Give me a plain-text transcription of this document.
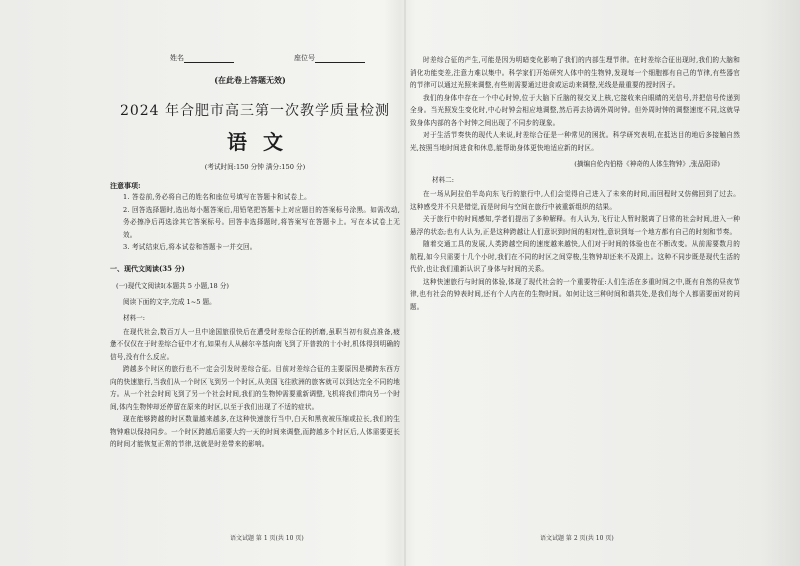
姓名	座位号
(在此卷上答题无效)
2024 年合肥市高三第一次教学质量检测
语文
(考试时间:150 分钟 满分:150 分)
注意事项:
1. 答卷前,务必将自己的姓名和座位号填写在答题卡和试卷上。
2. 回答选择题时,选出每小题答案后,用铅笔把答题卡上对应题目的答案标号涂黑。如需改动,务必擦净后再选涂其它答案标号。回答非选择题时,将答案写在答题卡上。写在本试卷上无效。
3. 考试结束后,将本试卷和答题卡一并交回。
一、现代文阅读(35 分)
(一)现代文阅读Ⅰ(本题共 5 小题,18 分)
阅读下面的文字,完成 1~5 题。
材料一:

在现代社会,数百万人一旦中途国旅很快后在遭受时差综合征的折磨,虽职当初有叙点准备,疲惫不仅仅在于时差综合征中才有,如果有人从赫尔辛基向南飞到了开普敦的十小时,机体得到明确的信号,没有什么反应。

跨越多个时区的旅行也不一定会引发时差综合征。目前对差综合征的主要原因是横跨东西方向的快速旅行,当我们从一个时区飞到另一个时区,从美国飞往欧洲的旅客就可以到达完全不同的地方。从一个社会时间飞到了另一个社会时间,我们的生物钟需要重新调整,飞机将我们带向另一个时间,体内生物钟却还停留在原来的时区,以至于我们出现了不适的症状。

现在能够跨越的时区数量越来越多,在这种快速旅行当中,白天和黑夜被压缩或拉长,我们的生物钟难以保持同步。一个时区跨越后需要大约一天的时间来调整,而跨越多个时区后,人体需要更长的时间才能恢复正常的节律,这就是时差带来的影响。

语文试题 第 1 页(共 10 页)

时差综合征的产生,可能是因为明暗变化影响了我们的内部生理节律。在时差综合征出现时,我们的大脑和消化功能变差,注意力难以集中。科学家们开始研究人体中的生物钟,发现每一个细胞都有自己的节律,有些器官的节律可以通过光照来调整,有些则需要通过进食或运动来调整,光线是最重要的授时因子。

我们的身体中存在一个中心时钟,位于大脑下丘脑的视交叉上核,它接收来自眼睛的光信号,并把信号传递到全身。当光照发生变化时,中心时钟会相应地调整,然后再去协调外周时钟。但外周时钟的调整速度不同,这就导致身体内部的各个时钟之间出现了不同步的现象。

对于生活节奏快的现代人来说,时差综合征是一种常见的困扰。科学研究表明,在抵达目的地后多接触自然光,按照当地时间进食和休息,能帮助身体更快地适应新的时区。

(摘编自伦内伯格《神奇的人体生物钟》,张品阳译)
材料二:

在一场从阿拉伯半岛向东飞行的旅行中,人们会觉得自己进入了未来的时间,而回程时又仿佛回到了过去。这种感受并不只是错觉,而是时间与空间在旅行中被重新组织的结果。

关于旅行中的时间感知,学者们提出了多种解释。有人认为,飞行让人暂时脱离了日常的社会时间,进入一种悬浮的状态;也有人认为,正是这种跨越让人们意识到时间的相对性,意识到每一个地方都有自己的时刻和节奏。

随着交通工具的发展,人类跨越空间的速度越来越快,人们对于时间的体验也在不断改变。从前需要数月的航程,如今只需要十几个小时,我们在不同的时区之间穿梭,生物钟却还来不及跟上。这种不同步既是现代生活的代价,也让我们重新认识了身体与时间的关系。

这种快速旅行与时间的体验,体现了现代社会的一个重要特征:人们生活在多重时间之中,既有自然的昼夜节律,也有社会的钟表时间,还有个人内在的生物时间。如何让这三种时间和谐共处,是我们每个人都需要面对的问题。

语文试题 第 2 页(共 10 页)
